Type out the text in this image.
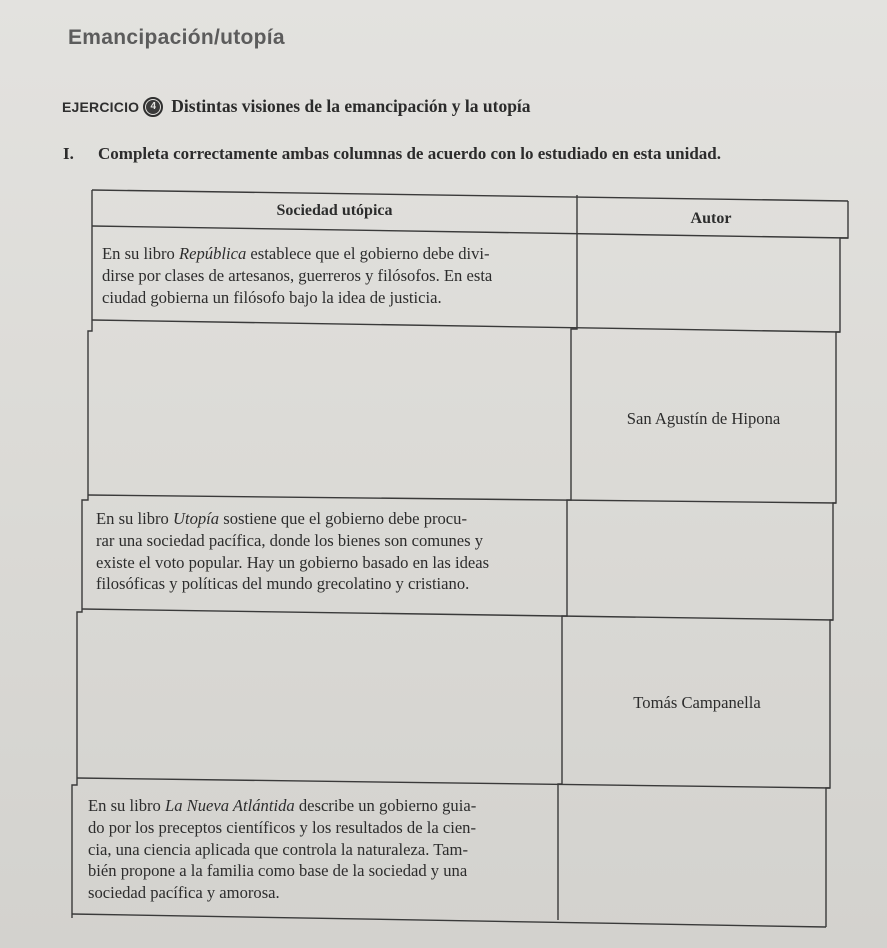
Emancipación/utopía
EJERCICIO	4 Distintas visiones de la emancipación y la utopía
I. Completa correctamente ambas columnas de acuerdo con lo estudiado en esta unidad.
Sociedad utópica	Autor
En su libro República establece que el gobierno debe divi-
dirse por clases de artesanos, guerreros y filósofos. En esta
ciudad gobierna un filósofo bajo la idea de justicia.
San Agustín de Hipona
En su libro Utopía sostiene que el gobierno debe procu-
rar una sociedad pacífica, donde los bienes son comunes y
existe el voto popular. Hay un gobierno basado en las ideas
filosóficas y políticas del mundo grecolatino y cristiano.
Tomás Campanella
En su libro La Nueva Atlántida describe un gobierno guia-
do por los preceptos científicos y los resultados de la cien-
cia, una ciencia aplicada que controla la naturaleza. Tam-
bién propone a la familia como base de la sociedad y una
sociedad pacífica y amorosa.
